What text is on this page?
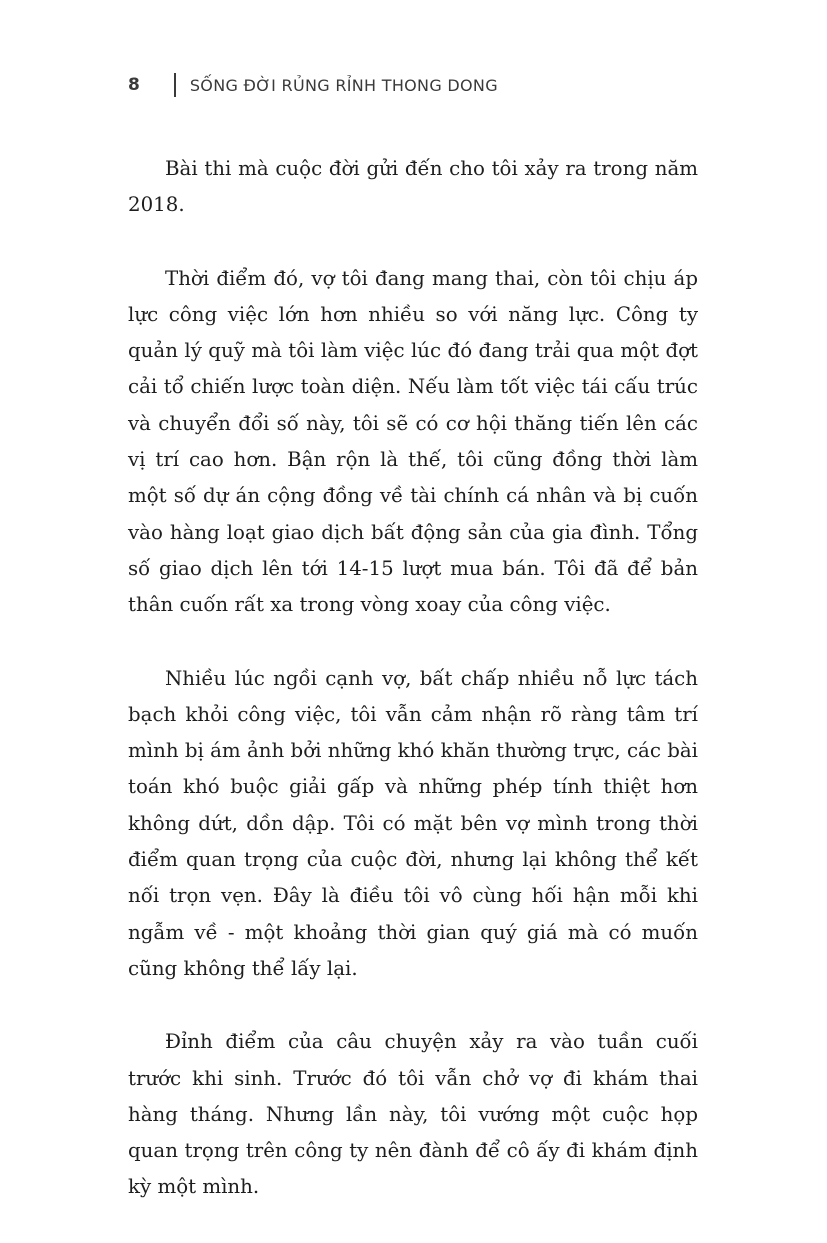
8	SỐNG ĐỜI RỦNG RỈNH THONG DONG

Bài thi mà cuộc đời gửi đến cho tôi xảy ra trong năm 2018.

Thời điểm đó, vợ tôi đang mang thai, còn tôi chịu áp lực công việc lớn hơn nhiều so với năng lực. Công ty quản lý quỹ mà tôi làm việc lúc đó đang trải qua một đợt cải tổ chiến lược toàn diện. Nếu làm tốt việc tái cấu trúc và chuyển đổi số này, tôi sẽ có cơ hội thăng tiến lên các vị trí cao hơn. Bận rộn là thế, tôi cũng đồng thời làm một số dự án cộng đồng về tài chính cá nhân và bị cuốn vào hàng loạt giao dịch bất động sản của gia đình. Tổng số giao dịch lên tới 14-15 lượt mua bán. Tôi đã để bản thân cuốn rất xa trong vòng xoay của công việc.

Nhiều lúc ngồi cạnh vợ, bất chấp nhiều nỗ lực tách bạch khỏi công việc, tôi vẫn cảm nhận rõ ràng tâm trí mình bị ám ảnh bởi những khó khăn thường trực, các bài toán khó buộc giải gấp và những phép tính thiệt hơn không dứt, dồn dập. Tôi có mặt bên vợ mình trong thời điểm quan trọng của cuộc đời, nhưng lại không thể kết nối trọn vẹn. Đây là điều tôi vô cùng hối hận mỗi khi ngẫm về - một khoảng thời gian quý giá mà có muốn cũng không thể lấy lại.

Đỉnh điểm của câu chuyện xảy ra vào tuần cuối trước khi sinh. Trước đó tôi vẫn chở vợ đi khám thai hàng tháng. Nhưng lần này, tôi vướng một cuộc họp quan trọng trên công ty nên đành để cô ấy đi khám định kỳ một mình.
